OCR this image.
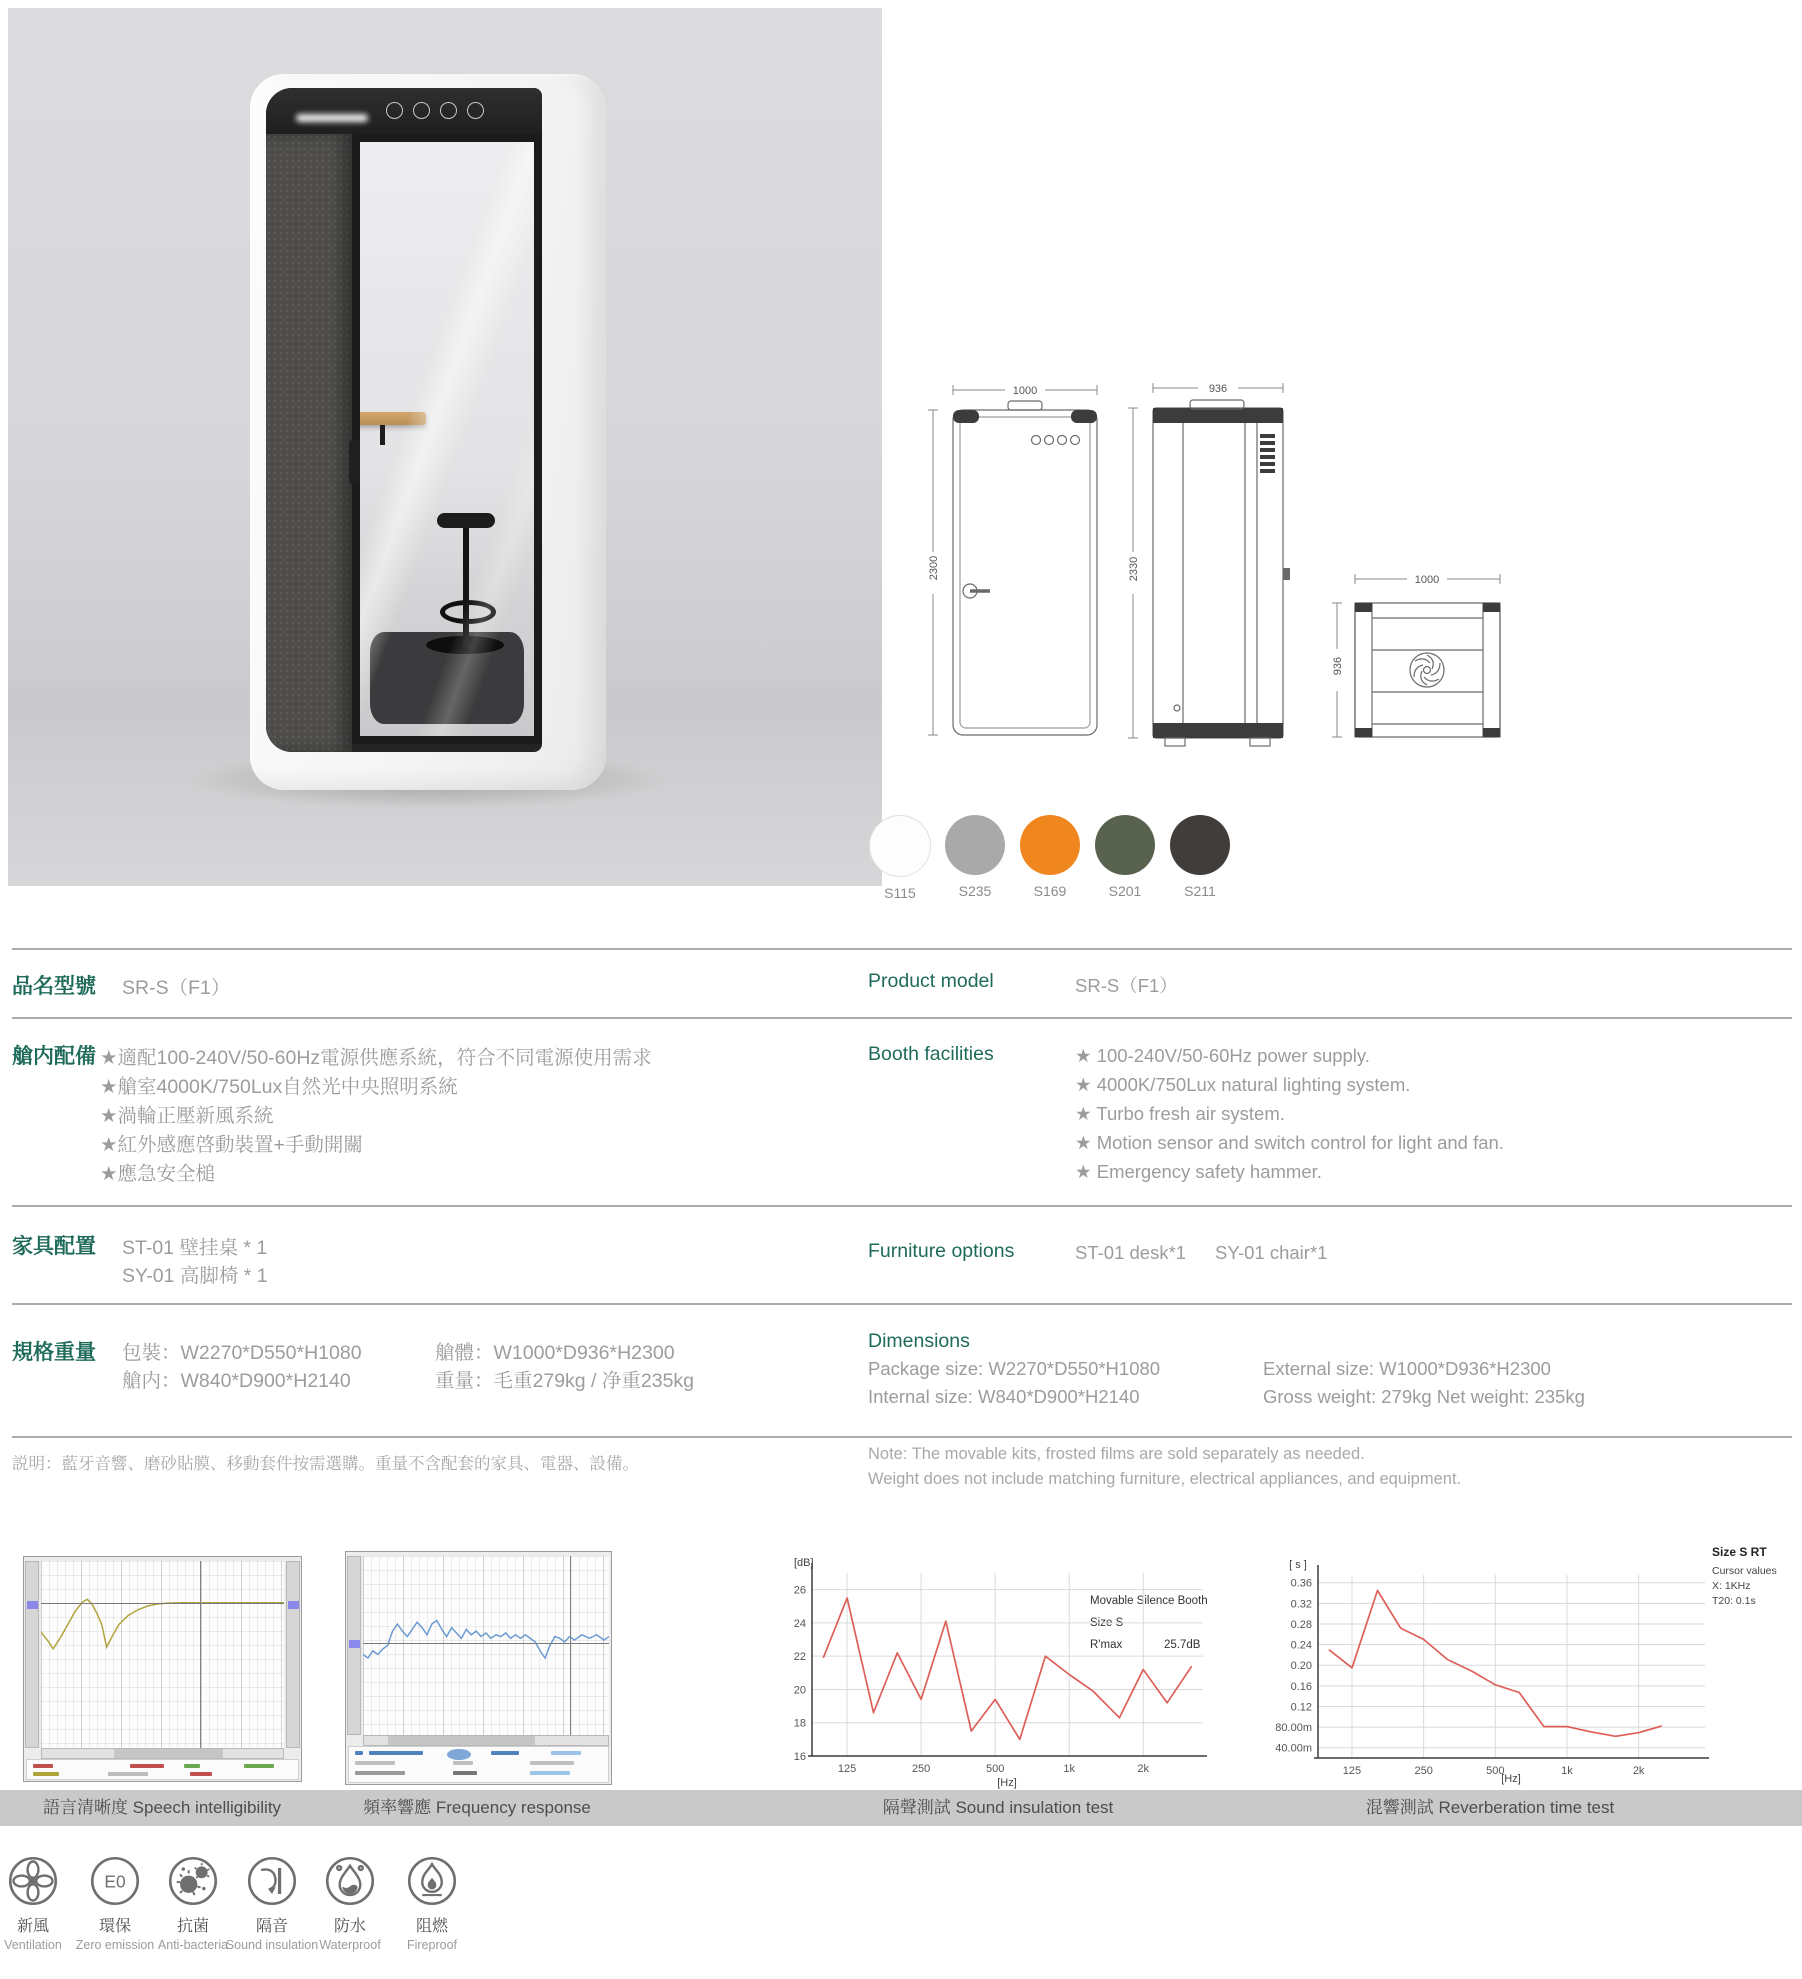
1000
2300
936
2330	1000
936
S115	S235	S169	S201	S211
品名型號 SR-S（F1）	Product model	SR-S（F1）
艙内配備 ★適配100-240V/50-60Hz電源供應系統，符合不同電源使用需求
★艙室4000K/750Lux自然光中央照明系統
★渦輪正壓新風系統
★紅外感應啓動裝置+手動開關
★應急安全槌
Booth facilities	★ 100-240V/50-60Hz power supply.
★ 4000K/750Lux natural lighting system.
★ Turbo fresh air system.
★ Motion sensor and switch control for light and fan.
★ Emergency safety hammer.
家具配置 ST-01 壁挂桌 * 1
SY-01 高脚椅 * 1
Furniture options	ST-01 desk*1 SY-01 chair*1
規格重量 包裝：W2270*D550*H1080	艙體：W1000*D936*H2300
艙内：W840*D900*H2140	重量：毛重279kg / 净重235kg
Dimensions
Package size: W2270*D550*H1080	External size: W1000*D936*H2300
Internal size: W840*D900*H2140	Gross weight: 279kg Net weight: 235kg
説明：藍牙音響、磨砂貼膜、移動套件按需選購。重量不含配套的家具、電器、設備。
Note: The movable kits, frosted films are sold separately as needed.
Weight does not include matching furniture, electrical appliances, and equipment.
[dB]
[Hz]
Movable Silence Booth
Size S
R'max	25.7dB
125	250	500	1k	2k
16
18
20
22
24
26
[ s ]
[Hz]
Size S RT
Cursor values
X: 1KHz
T20: 0.1s
125	250	500	1k	2k
0.36
0.32
0.28
0.24
0.20
0.16
0.12
80.00m
40.00m
語言清晰度 Speech intelligibility	頻率響應 Frequency response	隔聲測試 Sound insulation test	混響測試 Reverberation time test
新風
Ventilation
E0
環保
Zero emission
抗菌
Anti-bacteria
隔音
Sound insulation
防水
Waterproof
阻燃
Fireproof
